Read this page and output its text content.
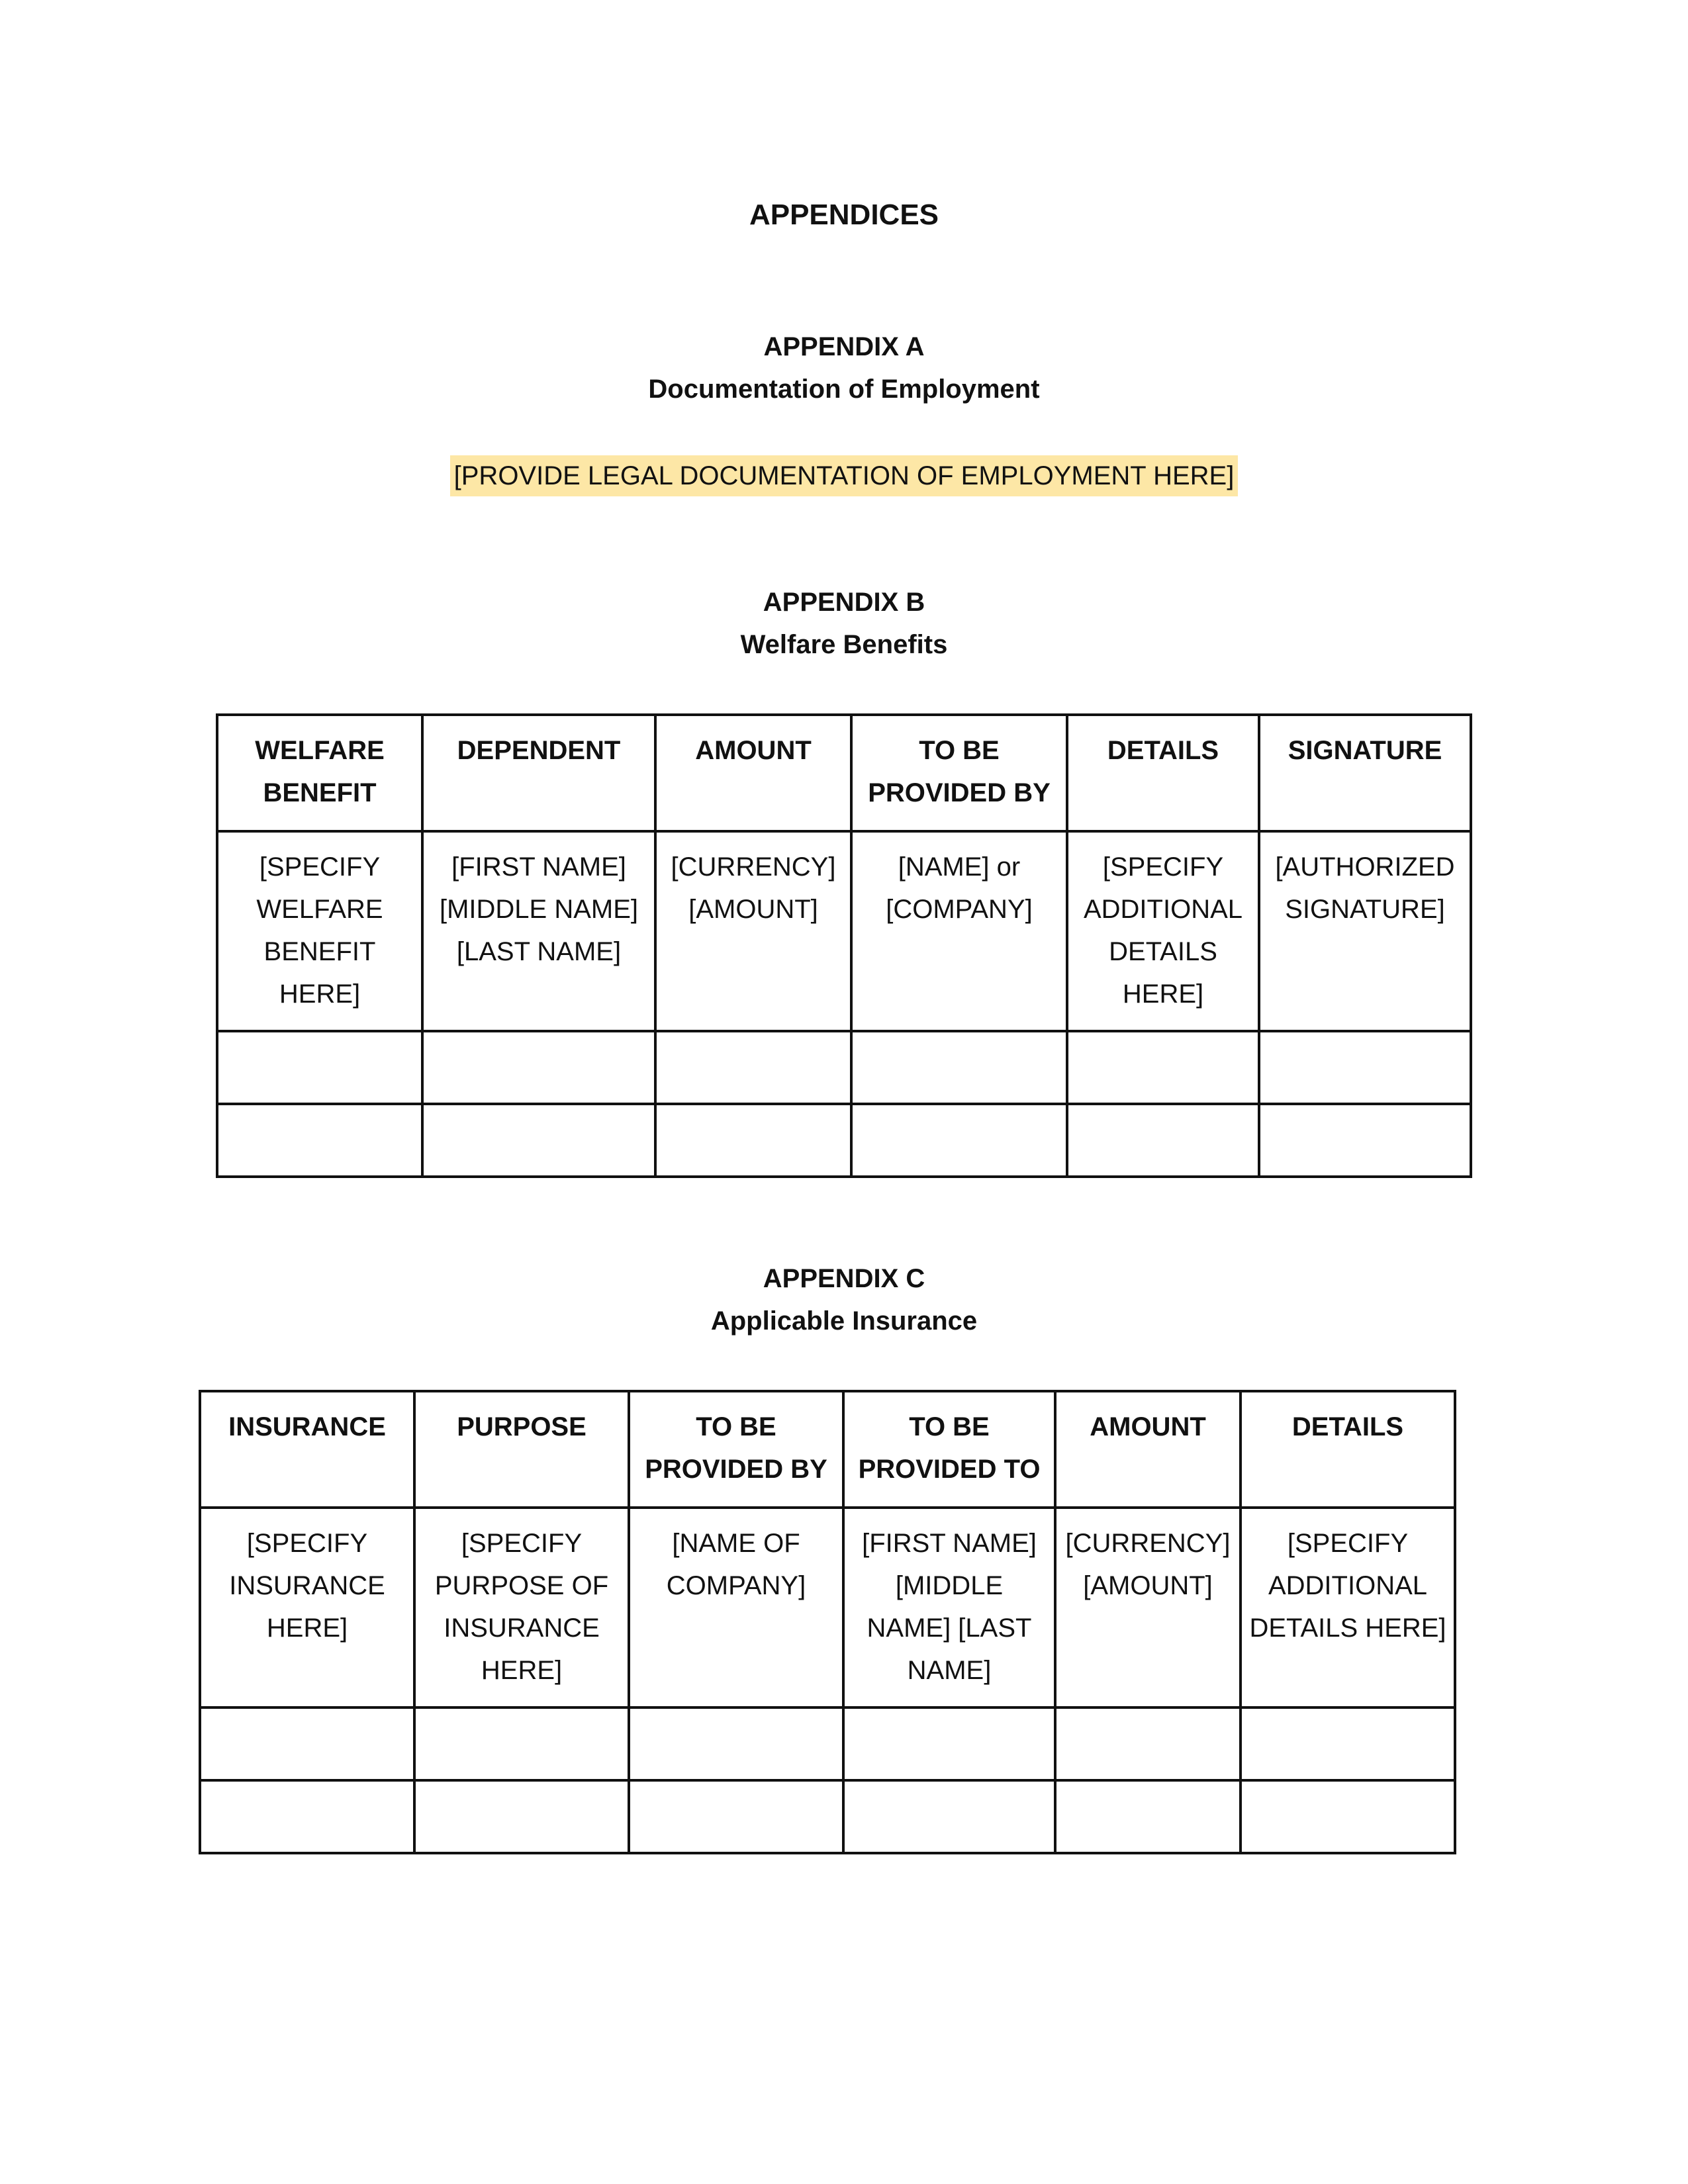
APPENDICES
APPENDIX A
Documentation of Employment
[PROVIDE LEGAL DOCUMENTATION OF EMPLOYMENT HERE]
APPENDIX B
Welfare Benefits
WELFARE BENEFIT	DEPENDENT	AMOUNT	TO BE PROVIDED BY	DETAILS	SIGNATURE
[SPECIFY WELFARE BENEFIT HERE]	[FIRST NAME] [MIDDLE NAME] [LAST NAME]	[CURRENCY] [AMOUNT]	[NAME] or [COMPANY]	[SPECIFY ADDITIONAL DETAILS HERE]	[AUTHORIZED SIGNATURE]

APPENDIX C
Applicable Insurance
INSURANCE	PURPOSE	TO BE PROVIDED BY	TO BE PROVIDED TO	AMOUNT	DETAILS
[SPECIFY INSURANCE HERE]	[SPECIFY PURPOSE OF INSURANCE HERE]	[NAME OF COMPANY]	[FIRST NAME] [MIDDLE NAME] [LAST NAME]	[CURRENCY] [AMOUNT]	[SPECIFY ADDITIONAL DETAILS HERE]
